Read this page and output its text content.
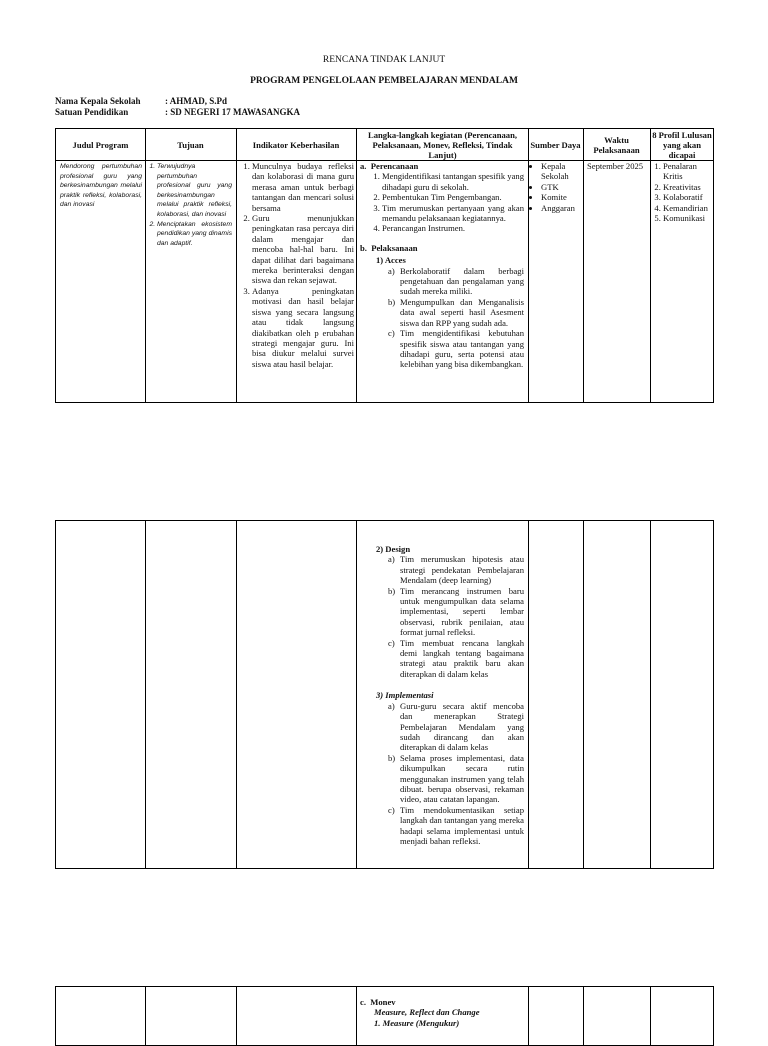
RENCANA TINDAK LANJUT
PROGRAM PENGELOLAAN PEMBELAJARAN MENDALAM
Nama Kepala Sekolah	: AHMAD, S.Pd
Satuan Pendidikan	: SD NEGERI 17 MAWASANGKA
Judul Program	Tujuan	Indikator Keberhasilan
Langka-langkah kegiatan (Perencanaan, Pelaksanaan, Monev, Refleksi, Tindak Lanjut)
Sumber Daya	Waktu Pelaksanaan
8 Profil Lulusan yang akan dicapai
Mendorong pertumbuhan profesional guru yang berkesinambungan melalui praktik refleksi, kolaborasi, dan inovasi
1. Terwujudnya pertumbuhan profesional guru yang berkesinambungan melalui praktik refleksi, kolaborasi, dan inovasi
2. Menciptakan ekosistem pendidikan yang dinamis dan adaptif.
1. Munculnya budaya refleksi dan kolaborasi di mana guru merasa aman untuk berbagi tantangan dan mencari solusi bersama
2. Guru menunjukkan peningkatan rasa percaya diri dalam mengajar dan mencoba hal-hal baru. Ini dapat dilihat dari bagaimana mereka berinteraksi dengan siswa dan rekan sejawat.
3. Adanya peningkatan motivasi dan hasil belajar siswa yang secara langsung atau tidak langsung diakibatkan oleh p erubahan strategi mengajar guru. Ini bisa diukur melalui survei siswa atau hasil belajar.
a. Perencanaan
1. Mengidentifikasi tantangan spesifik yang dihadapi guru di sekolah.
2. Pembentukan Tim Pengembangan.
3. Tim merumuskan pertanyaan yang akan memandu pelaksanaan kegiatannya.
4. Perancangan Instrumen.
b. Pelaksanaan
1) Acces
a) Berkolaboratif dalam berbagi pengetahuan dan pengalaman yang sudah mereka miliki.
b) Mengumpulkan dan Menganalisis data awal seperti hasil Asesment siswa dan RPP yang sudah ada.
c) Tim mengidentifikasi kebutuhan spesifik siswa atau tantangan yang dihadapi guru, serta potensi atau kelebihan yang bisa dikembangkan.
• Kepala Sekolah
• GTK
• Komite
• Anggaran
September 2025
1.	Penalaran Kritis
2. Kreativitas
3. Kolaboratif
4. Kemandirian
5. Komunikasi
2) Design
a) Tim merumuskan hipotesis atau strategi pendekatan Pembelajaran Mendalam (deep learning)
b) Tim merancang instrumen baru untuk mengumpulkan data selama implementasi, seperti lembar observasi, rubrik penilaian, atau format jurnal refleksi.
c) Tim membuat rencana langkah demi langkah tentang bagaimana strategi atau praktik baru akan diterapkan di dalam kelas
3) Implementasi
a) Guru-guru secara aktif mencoba dan menerapkan Strategi Pembelajaran Mendalam yang sudah dirancang dan akan diterapkan di dalam kelas
b) Selama proses implementasi, data dikumpulkan secara rutin menggunakan instrumen yang telah dibuat. berupa observasi, rekaman video, atau catatan lapangan.
c) Tim mendokumentasikan setiap langkah dan tantangan yang mereka hadapi selama implementasi untuk menjadi bahan refleksi.
c. Monev
Measure, Reflect dan Change
1. Measure (Mengukur)
